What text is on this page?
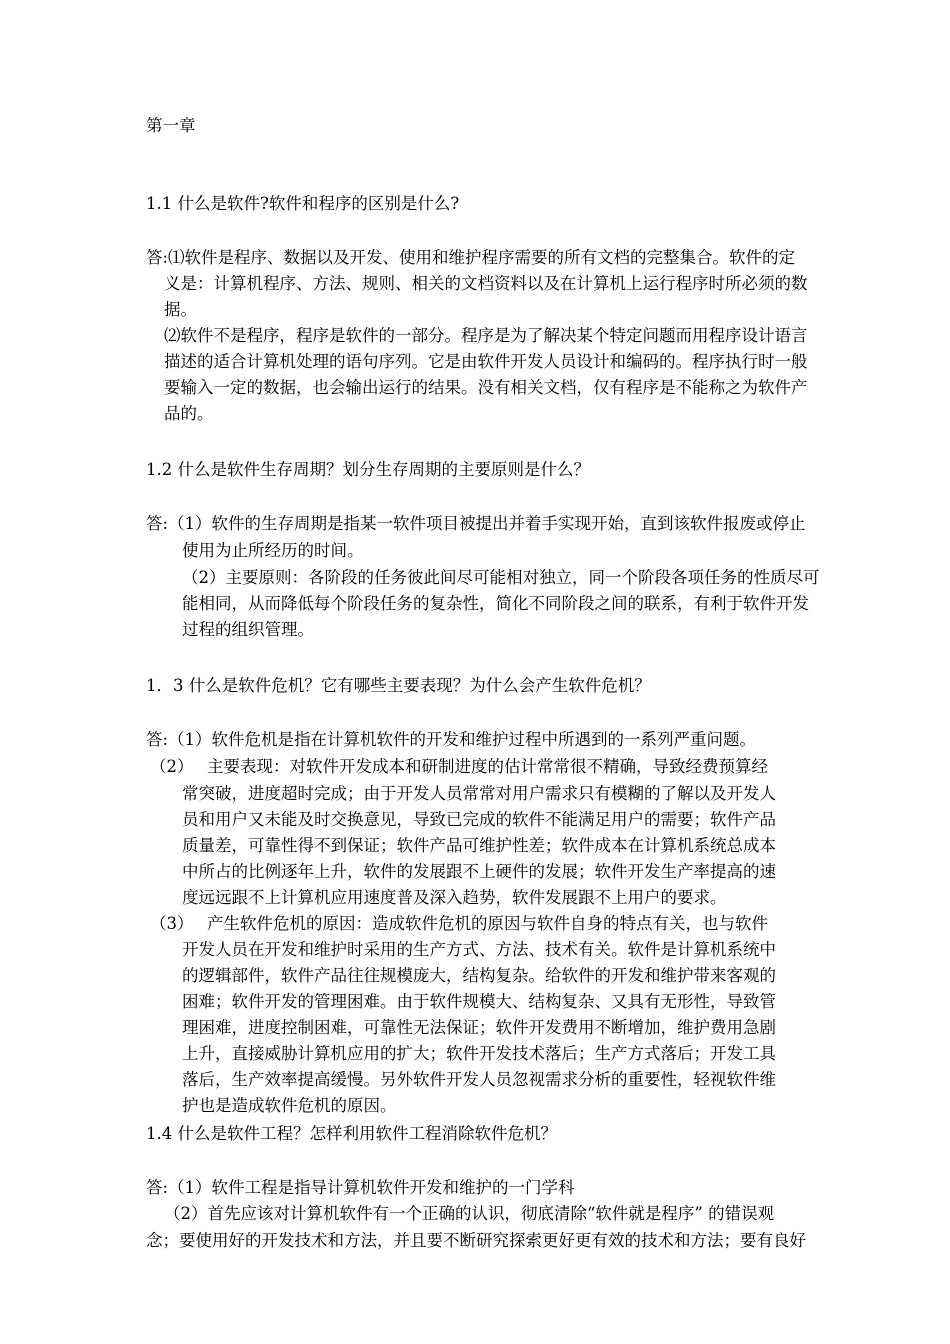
第一章
1.1 什么是软件?软件和程序的区别是什么?
答:⑴软件是程序、数据以及开发、使用和维护程序需要的所有文档的完整集合。软件的定
义是：计算机程序、方法、规则、相关的文档资料以及在计算机上运行程序时所必须的数
据。
⑵软件不是程序，程序是软件的一部分。程序是为了解决某个特定问题而用程序设计语言
描述的适合计算机处理的语句序列。它是由软件开发人员设计和编码的。程序执行时一般
要输入一定的数据，也会输出运行的结果。没有相关文档，仅有程序是不能称之为软件产
品的。
1.2 什么是软件生存周期？划分生存周期的主要原则是什么？
答:（1）软件的生存周期是指某一软件项目被提出并着手实现开始，直到该软件报废或停止
使用为止所经历的时间。
（2）主要原则：各阶段的任务彼此间尽可能相对独立，同一个阶段各项任务的性质尽可
能相同，从而降低每个阶段任务的复杂性，简化不同阶段之间的联系，有利于软件开发
过程的组织管理。
1．3 什么是软件危机？它有哪些主要表现？为什么会产生软件危机？
答:（1）软件危机是指在计算机软件的开发和维护过程中所遇到的一系列严重问题。
（2）　 主要表现：对软件开发成本和研制进度的估计常常很不精确，导致经费预算经
常突破，进度超时完成；由于开发人员常常对用户需求只有模糊的了解以及开发人
员和用户又未能及时交换意见，导致已完成的软件不能满足用户的需要；软件产品
质量差，可靠性得不到保证；软件产品可维护性差；软件成本在计算机系统总成本
中所占的比例逐年上升，软件的发展跟不上硬件的发展；软件开发生产率提高的速
度远远跟不上计算机应用速度普及深入趋势，软件发展跟不上用户的要求。
（3）　 产生软件危机的原因：造成软件危机的原因与软件自身的特点有关，也与软件
开发人员在开发和维护时采用的生产方式、方法、技术有关。软件是计算机系统中
的逻辑部件，软件产品往往规模庞大，结构复杂。给软件的开发和维护带来客观的
困难；软件开发的管理困难。由于软件规模大、结构复杂、又具有无形性，导致管
理困难，进度控制困难，可靠性无法保证；软件开发费用不断增加，维护费用急剧
上升，直接威胁计算机应用的扩大；软件开发技术落后；生产方式落后；开发工具
落后，生产效率提高缓慢。另外软件开发人员忽视需求分析的重要性，轻视软件维
护也是造成软件危机的原因。
1.4 什么是软件工程？怎样利用软件工程消除软件危机？
答:（1）软件工程是指导计算机软件开发和维护的一门学科
（2）首先应该对计算机软件有一个正确的认识，彻底清除“软件就是程序” 的错误观
念；要使用好的开发技术和方法，并且要不断研究探索更好更有效的技术和方法；要有良好
